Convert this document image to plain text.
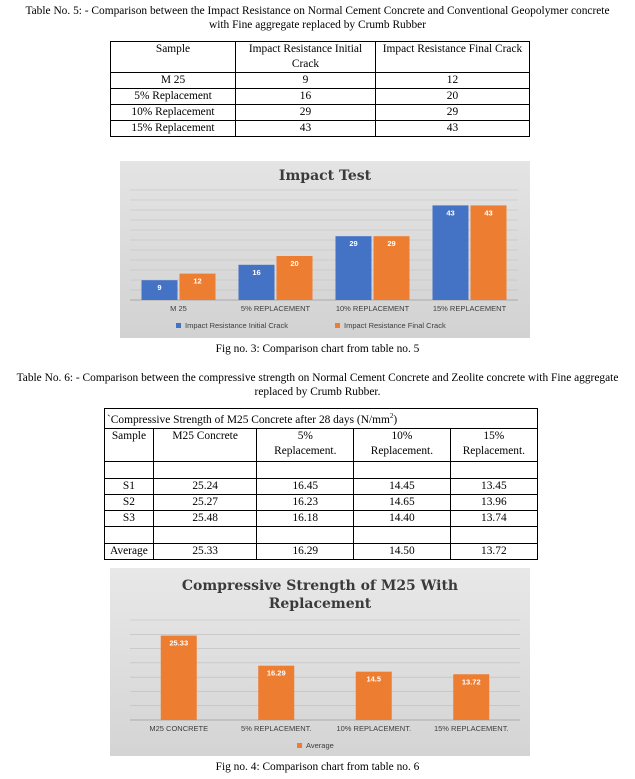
Table No. 5: - Comparison between the Impact Resistance on Normal Cement Concrete and Conventional Geopolymer concrete
with Fine aggregate replaced by Crumb Rubber
Sample	Impact Resistance Initial Crack	Impact Resistance Final Crack
M 25	9	12
5% Replacement	16	20
10% Replacement	29	29
15% Replacement	43	43
Impact Test
9
12
16
20
29	29
43	43
M 25	5% REPLACEMENT	10% REPLACEMENT	15% REPLACEMENT
Impact Resistance Initial Crack	Impact Resistance Final Crack
Fig no. 3: Comparison chart from table no. 5
Table No. 6: - Comparison between the compressive strength on Normal Cement Concrete and Zeolite concrete with Fine aggregate
replaced by Crumb Rubber.
`Compressive Strength of M25 Concrete after 28 days $(N/mm^2)$				
Sample	M25 Concrete	5% Replacement.	10% Replacement.	15% Replacement.

S1	25.24	16.45	14.45	13.45
S2	25.27	16.23	14.65	13.96
S3	25.48	16.18	14.40	13.74

Average	25.33	16.29	14.50	13.72
Compressive Strength of M25 With
Replacement
25.33
16.29
14.5	13.72
M25 CONCRETE	5% REPLACEMENT.	10% REPLACEMENT.	15% REPLACEMENT.
Average
Fig no. 4: Comparison chart from table no. 6
